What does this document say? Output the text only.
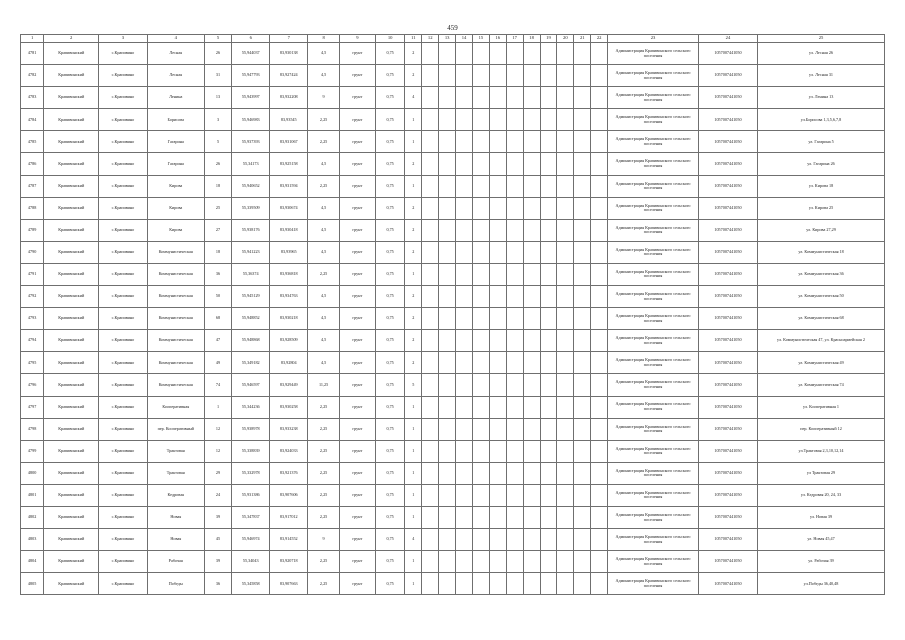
459
1	2	3	4	5	6	7	8	9	10	11	12	13	14	15	16	17	18	19	20	21	22	23	24	25
4781	Крапивинский	с.Крапивино	Лесная	26	55,944037	83,930138	4,5	грунт	0,75	2												Администрация Крапивинского сельского поселения	1057007441050	ул. Лесная 26
4782	Крапивинский	с.Крапивино	Лесная	31	55,947793	83,927424	4,5	грунт	0,75	2												Администрация Крапивинского сельского поселения	1057007441050	ул. Лесная 31
4783	Крапивинский	с.Крапивино	Ленина	13	55,943997	83,932208	9	грунт	0,75	4												Администрация Крапивинского сельского поселения	1057007441050	ул. Ленина 13
4784	Крапивинский	с.Крапивино	Борисова	3	55,946983	83,93545	2,25	грунт	0,75	1												Администрация Крапивинского сельского поселения	1057007441050	ул.Борисова 1,3,5,6,7,8
4785	Крапивинский	с.Крапивино	Гагарина	5	55,937393	83,931067	2,25	грунт	0,75	1												Администрация Крапивинского сельского поселения	1057007441050	ул. Гагарина 5
4786	Крапивинский	с.Крапивино	Гагарина	26	55,34173	83,925158	4,5	грунт	0,75	2												Администрация Крапивинского сельского поселения	1057007441050	ул. Гагарина 26
4787	Крапивинский	с.Крапивино	Кирова	18	55,940652	83,931594	2,25	грунт	0,75	1												Администрация Крапивинского сельского поселения	1057007441050	ул. Кирова 18
4788	Крапивинский	с.Крапивино	Кирова	25	55,339509	83,930674	4,5	грунт	0,75	2												Администрация Крапивинского сельского поселения	1057007441050	ул. Кирова 25
4789	Крапивинский	с.Крапивино	Кирова	27	55,938176	83,930418	4,5	грунт	0,75	2												Администрация Крапивинского сельского поселения	1057007441050	ул. Кирова 27,29
4790	Крапивинский	с.Крапивино	Коммунистическая	18	55,941223	83,93965	4,5	грунт	0,75	2												Администрация Крапивинского сельского поселения	1057007441050	ул. Коммунистическая 18
4791	Крапивинский	с.Крапивино	Коммунистическая	36	55,36374	83,936818	2,25	грунт	0,75	1												Администрация Крапивинского сельского поселения	1057007441050	ул. Коммунистическая 36
4792	Крапивинский	с.Крапивино	Коммунистическая	50	55,945129	83,934763	4,5	грунт	0,75	2												Администрация Крапивинского сельского поселения	1057007441050	ул. Коммунистическая 50
4793	Крапивинский	с.Крапивино	Коммунистическая	68	55,948852	83,930218	4,5	грунт	0,75	2												Администрация Крапивинского сельского поселения	1057007441050	ул. Коммунистическая 68
4794	Крапивинский	с.Крапивино	Коммунистическая	47	55,948868	83,928509	4,5	грунт	0,75	2												Администрация Крапивинского сельского поселения	1057007441050	ул. Коммунистическая 47, ул. Красноармейская 2
4795	Крапивинский	с.Крапивино	Коммунистическая	49	55,349182	83,92804	4,5	грунт	0,75	2												Администрация Крапивинского сельского поселения	1057007441050	ул. Коммунистическая 49
4796	Крапивинский	с.Крапивино	Коммунистическая	74	55,946597	83,929449	11,25	грунт	0,75	5												Администрация Крапивинского сельского поселения	1057007441050	ул. Коммунистическая 74
4797	Крапивинский	с.Крапивино	Кооперативная	1	55,344236	83,930258	2,25	грунт	0,75	1												Администрация Крапивинского сельского поселения	1057007441050	ул. Кооперативная 1
4798	Крапивинский	с.Крапивино	пер. Кооперативный	12	55,938978	83,933238	2,25	грунт	0,75	1												Администрация Крапивинского сельского поселения	1057007441050	пер. Кооперативный 12
4799	Крапивинский	с.Крапивино	Трактовая	12	55,338839	83,924033	2,25	грунт	0,75	1												Администрация Крапивинского сельского поселения	1057007441050	ул.Трактовая 2,3,10,12,14
4800	Крапивинский	с.Крапивино	Трактовая	29	55,332978	83,921376	2,25	грунт	0,75	1												Администрация Крапивинского сельского поселения	1057007441050	ул Трактовая 29
4801	Крапивинский	с.Крапивино	Кедровая	24	55,931386	83,907606	2,25	грунт	0,75	1												Администрация Крапивинского сельского поселения	1057007441050	ул. Кедровая 20, 24, 33
4802	Крапивинский	с.Крапивино	Новая	39	55,347837	83,917012	2,25	грунт	0,75	1												Администрация Крапивинского сельского поселения	1057007441050	ул. Новая 39
4803	Крапивинский	с.Крапивино	Новая	45	55,946974	83,914552	9	грунт	0,75	4												Администрация Крапивинского сельского поселения	1057007441050	ул. Новая 45,47
4804	Крапивинский	с.Крапивино	Рабочая	39	55,34043	83,920718	2,25	грунт	0,75	1												Администрация Крапивинского сельского поселения	1057007441050	ул. Рабочая 39
4805	Крапивинский	с.Крапивино	Победы	36	55,345858	83,907663	2,25	грунт	0,75	1												Администрация Крапивинского сельского поселения	1057007441050	ул.Победы 36,40,48
